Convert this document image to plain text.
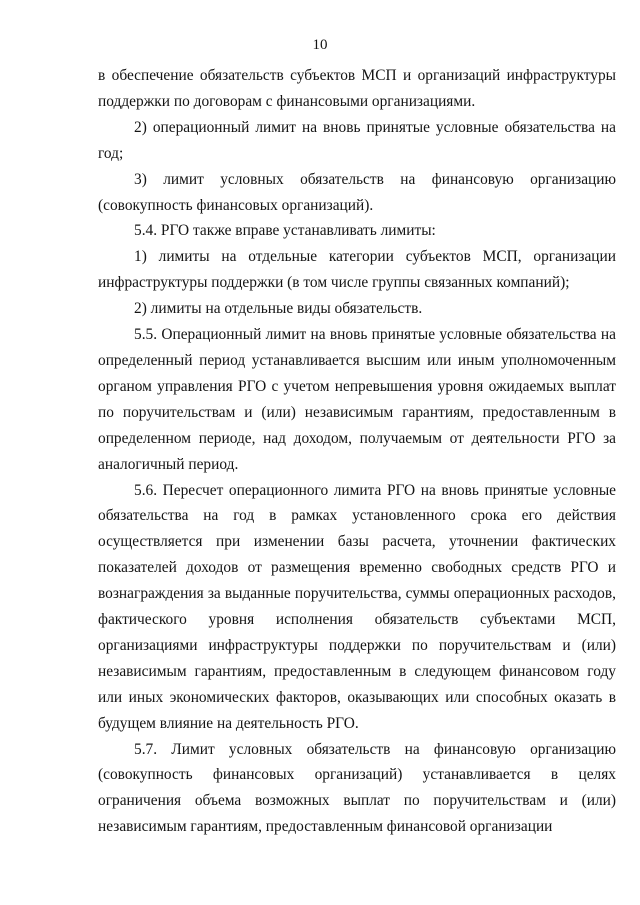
10

в обеспечение обязательств субъектов МСП и организаций инфраструктуры поддержки по договорам с финансовыми организациями.

2) операционный лимит на вновь принятые условные обязательства на год;

3) лимит условных обязательств на финансовую организацию (совокупность финансовых организаций).

5.4. РГО также вправе устанавливать лимиты:

1) лимиты на отдельные категории субъектов МСП, организации инфраструктуры поддержки (в том числе группы связанных компаний);

2) лимиты на отдельные виды обязательств.

5.5. Операционный лимит на вновь принятые условные обязательства на определенный период устанавливается высшим или иным уполномоченным органом управления РГО с учетом непревышения уровня ожидаемых выплат по поручительствам и (или) независимым гарантиям, предоставленным в определенном периоде, над доходом, получаемым от деятельности РГО за аналогичный период.

5.6. Пересчет операционного лимита РГО на вновь принятые условные обязательства на год в рамках установленного срока его действия осуществляется при изменении базы расчета, уточнении фактических показателей доходов от размещения временно свободных средств РГО и вознаграждения за выданные поручительства, суммы операционных расходов, фактического уровня исполнения обязательств субъектами МСП, организациями инфраструктуры поддержки по поручительствам и (или) независимым гарантиям, предоставленным в следующем финансовом году или иных экономических факторов, оказывающих или способных оказать в будущем влияние на деятельность РГО.

5.7. Лимит условных обязательств на финансовую организацию (совокупность финансовых организаций) устанавливается в целях ограничения объема возможных выплат по поручительствам и (или) независимым гарантиям, предоставленным финансовой организации
